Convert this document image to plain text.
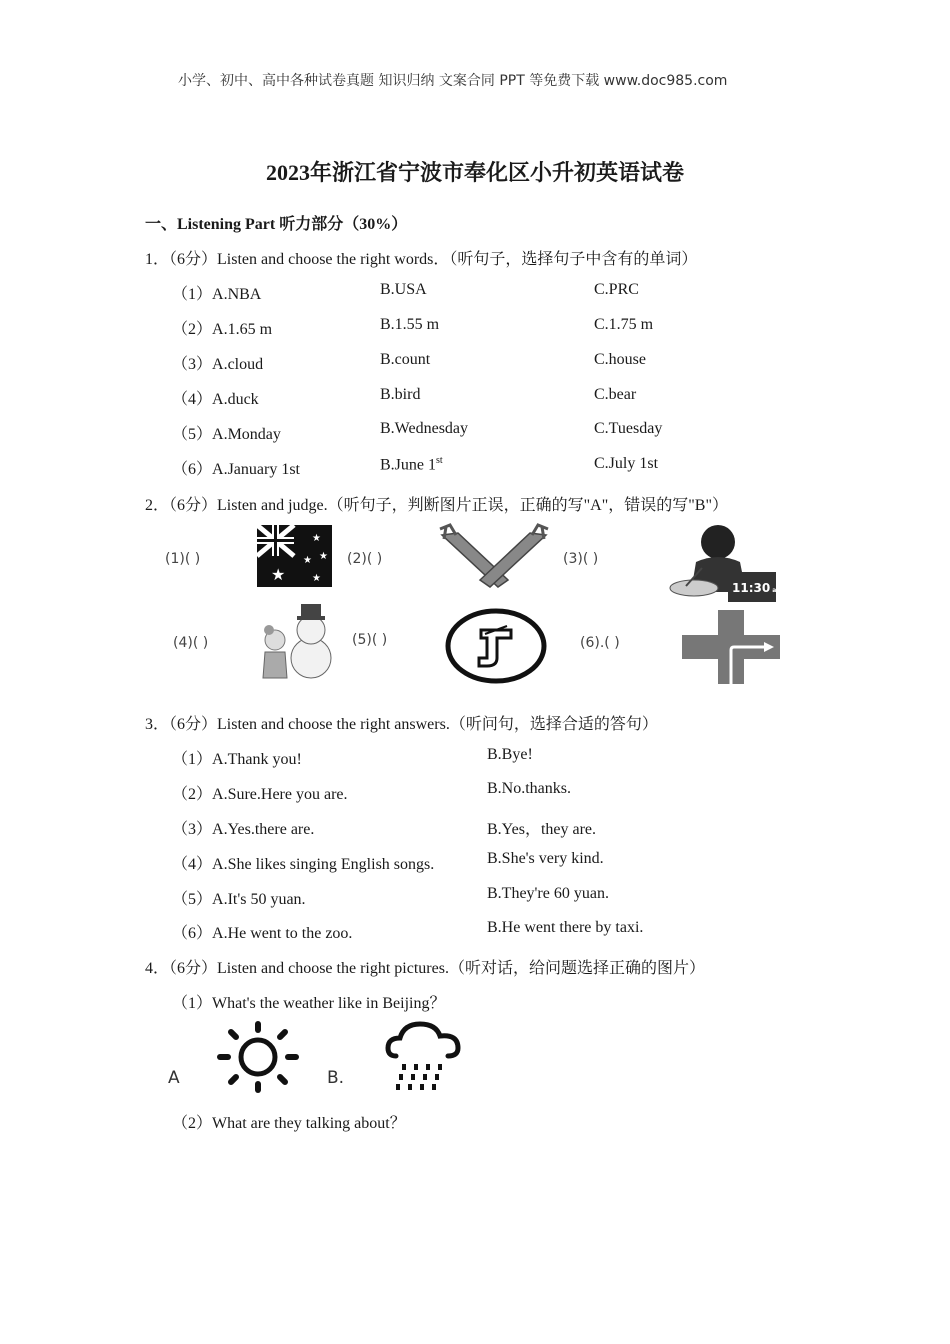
小学、初中、高中各种试卷真题 知识归纳 文案合同 PPT 等免费下载 www.doc985.com
2023年浙江省宁波市奉化区小升初英语试卷
一、Listening Part 听力部分（30%）
1．（6分）Listen and choose the right words．（听句子，选择句子中含有的单词）
（1）A.NBA	B.USA	C.PRC
（2）A.1.65 m	B.1.55 m	C.1.75 m
（3）A.cloud	B.count	C.house
（4）A.duck	B.bird	C.bear
（5）A.Monday	B.Wednesday	C.Tuesday
（6）A.January 1st	B.June 1st	C.July 1st
2．（6分）Listen and judge.（听句子，判断图片正误，正确的写"A"，错误的写"B"）
(1)( )
★
★
★
★
★
(2)( )	(3)( )
11:30 am
(4)( )	(5)( )	(6).( )
3．（6分）Listen and choose the right answers.（听问句，选择合适的答句）
（1）A.Thank you!	B.Bye!
（2）A.Sure.Here you are.	B.No.thanks.
（3）A.Yes.there are.	B.Yes，they are.
（4）A.She likes singing English songs.	B.She's very kind.
（5）A.It's 50 yuan.	B.They're 60 yuan.
（6）A.He went to the zoo.	B.He went there by taxi.
4．（6分）Listen and choose the right pictures.（听对话，给问题选择正确的图片）
（1）What's the weather like in Beijing？
A	B.
（2）What are they talking about？
